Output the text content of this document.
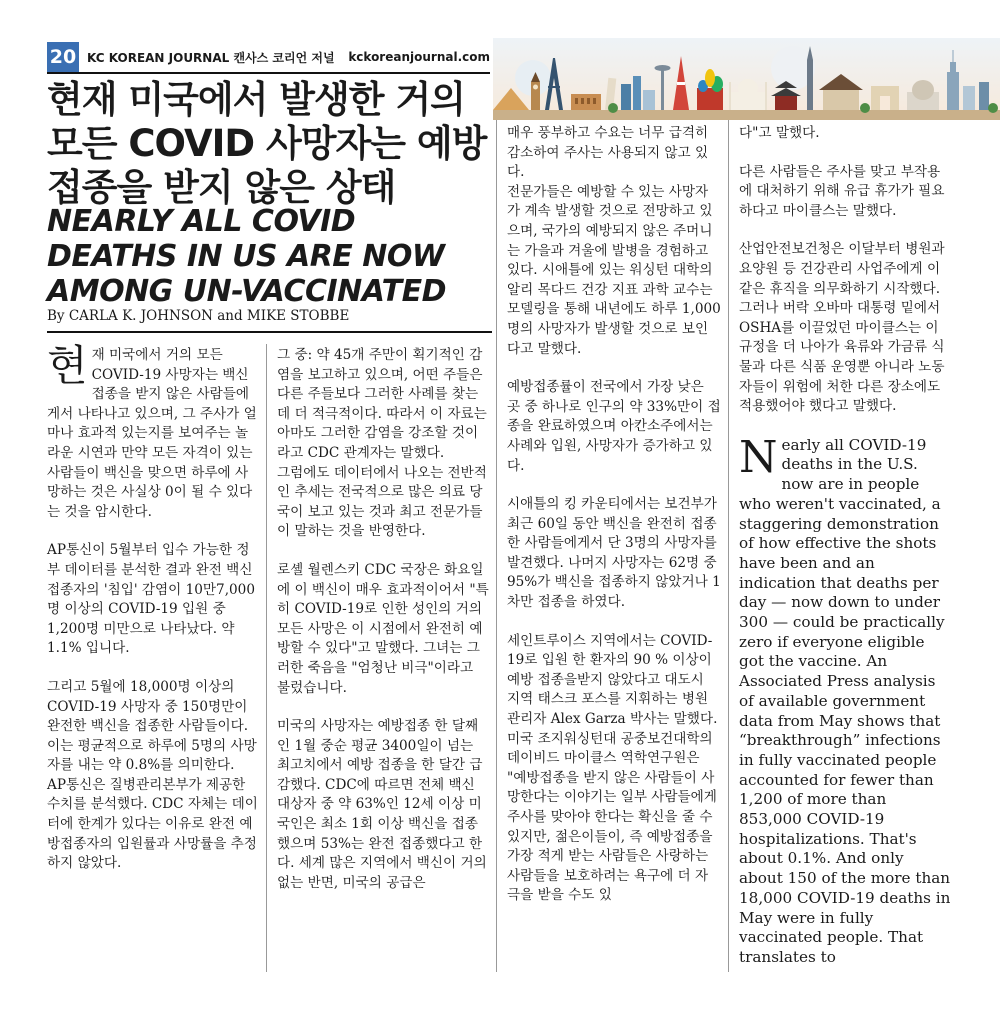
20 KC KOREAN JOURNAL 캔사스 코리언 저널 kckoreanjournal.com
현재 미국에서 발생한 거의 모든 COVID 사망자는 예방 접종을 받지 않은 상태
NEARLY ALL COVID DEATHS IN US ARE NOW AMONG UN-VACCINATED
By CARLA K. JOHNSON and MIKE STOBBE

현재 미국에서 거의 모든 COVID-19 사망자는 백신 접종을 받지 않은 사람들에게서 나타나고 있으며, 그 주사가 얼마나 효과적 있는지를 보여주는 놀라운 시연과 만약 모든 자격이 있는 사람들이 백신을 맞으면 하루에 사망하는 것은 사실상 0이 될 수 있다는 것을 암시한다.

AP통신이 5월부터 입수 가능한 정부 데이터를 분석한 결과 완전 백신 접종자의 '침입' 감염이 10만7,000명 이상의 COVID-19 입원 중 1,200명 미만으로 나타났다. 약 1.1% 입니다.

그리고 5월에 18,000명 이상의 COVID-19 사망자 중 150명만이 완전한 백신을 접종한 사람들이다. 이는 평균적으로 하루에 5명의 사망자를 내는 약 0.8%를 의미한다.

AP통신은 질병관리본부가 제공한 수치를 분석했다. CDC 자체는 데이터에 한계가 있다는 이유로 완전 예방접종자의 입원률과 사망률을 추정하지 않았다.

그 중: 약 45개 주만이 획기적인 감염을 보고하고 있으며, 어떤 주들은 다른 주들보다 그러한 사례를 찾는 데 더 적극적이다. 따라서 이 자료는 아마도 그러한 감염을 강조할 것이라고 CDC 관계자는 말했다.

그럼에도 데이터에서 나오는 전반적인 추세는 전국적으로 많은 의료 당국이 보고 있는 것과 최고 전문가들이 말하는 것을 반영한다.

로셸 월렌스키 CDC 국장은 화요일에 이 백신이 매우 효과적이어서 "특히 COVID-19로 인한 성인의 거의 모든 사망은 이 시점에서 완전히 예방할 수 있다"고 말했다. 그녀는 그러한 죽음을 "엄청난 비극"이라고 불렀습니다.

미국의 사망자는 예방접종 한 달째인 1월 중순 평균 3400일이 넘는 최고치에서 예방 접종을 한 달간 급감했다. CDC에 따르면 전체 백신 대상자 중 약 63%인 12세 이상 미국인은 최소 1회 이상 백신을 접종했으며 53%는 완전 접종했다고 한다. 세계 많은 지역에서 백신이 거의 없는 반면, 미국의 공급은

매우 풍부하고 수요는 너무 급격히 감소하여 주사는 사용되지 않고 있다.

전문가들은 예방할 수 있는 사망자가 계속 발생할 것으로 전망하고 있으며, 국가의 예방되지 않은 주머니는 가을과 겨울에 발병을 경험하고 있다. 시애틀에 있는 워싱턴 대학의 알리 목다드 건강 지표 과학 교수는 모델링을 통해 내년에도 하루 1,000명의 사망자가 발생할 것으로 보인다고 말했다.

예방접종률이 전국에서 가장 낮은 곳 중 하나로 인구의 약 33%만이 접종을 완료하였으며 아칸소주에서는 사례와 입원, 사망자가 증가하고 있다.

시애틀의 킹 카운티에서는 보건부가 최근 60일 동안 백신을 완전히 접종한 사람들에게서 단 3명의 사망자를 발견했다. 나머지 사망자는 62명 중 95%가 백신을 접종하지 않았거나 1차만 접종을 하였다.

세인트루이스 지역에서는 COVID-19로 입원 한 환자의 90 % 이상이 예방 접종을받지 않았다고 대도시 지역 태스크 포스를 지휘하는 병원 관리자 Alex Garza 박사는 말했다.

미국 조지워싱턴대 공중보건대학의 데이비드 마이클스 역학연구원은 "예방접종을 받지 않은 사람들이 사망한다는 이야기는 일부 사람들에게 주사를 맞아야 한다는 확신을 줄 수 있지만, 젊은이들이, 즉 예방접종을 가장 적게 받는 사람들은 사랑하는 사람들을 보호하려는 욕구에 더 자극을 받을 수도 있

다"고 말했다.

다른 사람들은 주사를 맞고 부작용에 대처하기 위해 유급 휴가가 필요하다고 마이클스는 말했다.

산업안전보건청은 이달부터 병원과 요양원 등 건강관리 사업주에게 이 같은 휴직을 의무화하기 시작했다. 그러나 버락 오바마 대통령 밑에서 OSHA를 이끌었던 마이클스는 이 규정을 더 나아가 육류와 가금류 식물과 다른 식품 운영뿐 아니라 노동자들이 위험에 처한 다른 장소에도 적용했어야 했다고 말했다.

Nearly all COVID-19 deaths in the U.S. now are in people who weren't vaccinated, a staggering demonstration of how effective the shots have been and an indication that deaths per day — now down to under 300 — could be practically zero if everyone eligible got the vaccine. An Associated Press analysis of available government data from May shows that “breakthrough” infections in fully vaccinated people accounted for fewer than 1,200 of more than 853,000 COVID-19 hospitalizations. That's about 0.1%. And only about 150 of the more than 18,000 COVID-19 deaths in May were in fully vaccinated people. That translates to
